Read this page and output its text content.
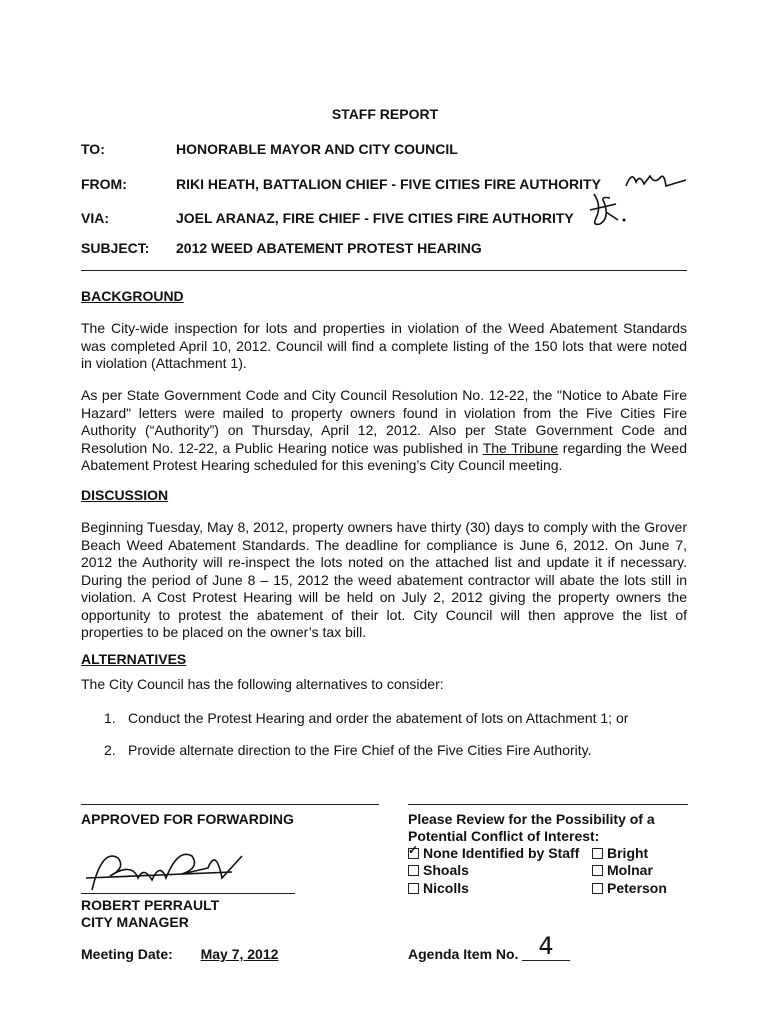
STAFF REPORT
TO:	HONORABLE MAYOR AND CITY COUNCIL
FROM:	RIKI HEATH, BATTALION CHIEF - FIVE CITIES FIRE AUTHORITY
VIA:	JOEL ARANAZ, FIRE CHIEF - FIVE CITIES FIRE AUTHORITY
SUBJECT: 2012 WEED ABATEMENT PROTEST HEARING
BACKGROUND
The City-wide inspection for lots and properties in violation of the Weed Abatement Standards was completed April 10, 2012. Council will find a complete listing of the 150 lots that were noted in violation (Attachment 1).
As per State Government Code and City Council Resolution No. 12-22, the "Notice to Abate Fire Hazard" letters were mailed to property owners found in violation from the Five Cities Fire Authority (“Authority”) on Thursday, April 12, 2012. Also per State Government Code and Resolution No. 12-22, a Public Hearing notice was published in The Tribune regarding the Weed Abatement Protest Hearing scheduled for this evening’s City Council meeting.
DISCUSSION
Beginning Tuesday, May 8, 2012, property owners have thirty (30) days to comply with the Grover Beach Weed Abatement Standards. The deadline for compliance is June 6, 2012. On June 7, 2012 the Authority will re-inspect the lots noted on the attached list and update it if necessary. During the period of June 8 – 15, 2012 the weed abatement contractor will abate the lots still in violation. A Cost Protest Hearing will be held on July 2, 2012 giving the property owners the opportunity to protest the abatement of their lot. City Council will then approve the list of properties to be placed on the owner’s tax bill.
ALTERNATIVES
The City Council has the following alternatives to consider:
1. Conduct the Protest Hearing and order the abatement of lots on Attachment 1; or
2. Provide alternate direction to the Fire Chief of the Five Cities Fire Authority.
APPROVED FOR FORWARDING
ROBERT PERRAULT
CITY MANAGER
Meeting Date:	May 7, 2012
Please Review for the Possibility of a
Potential Conflict of Interest:
✓None Identified by Staff	Bright
Shoals	Molnar
Nicolls	Peterson
Agenda Item No. 4
